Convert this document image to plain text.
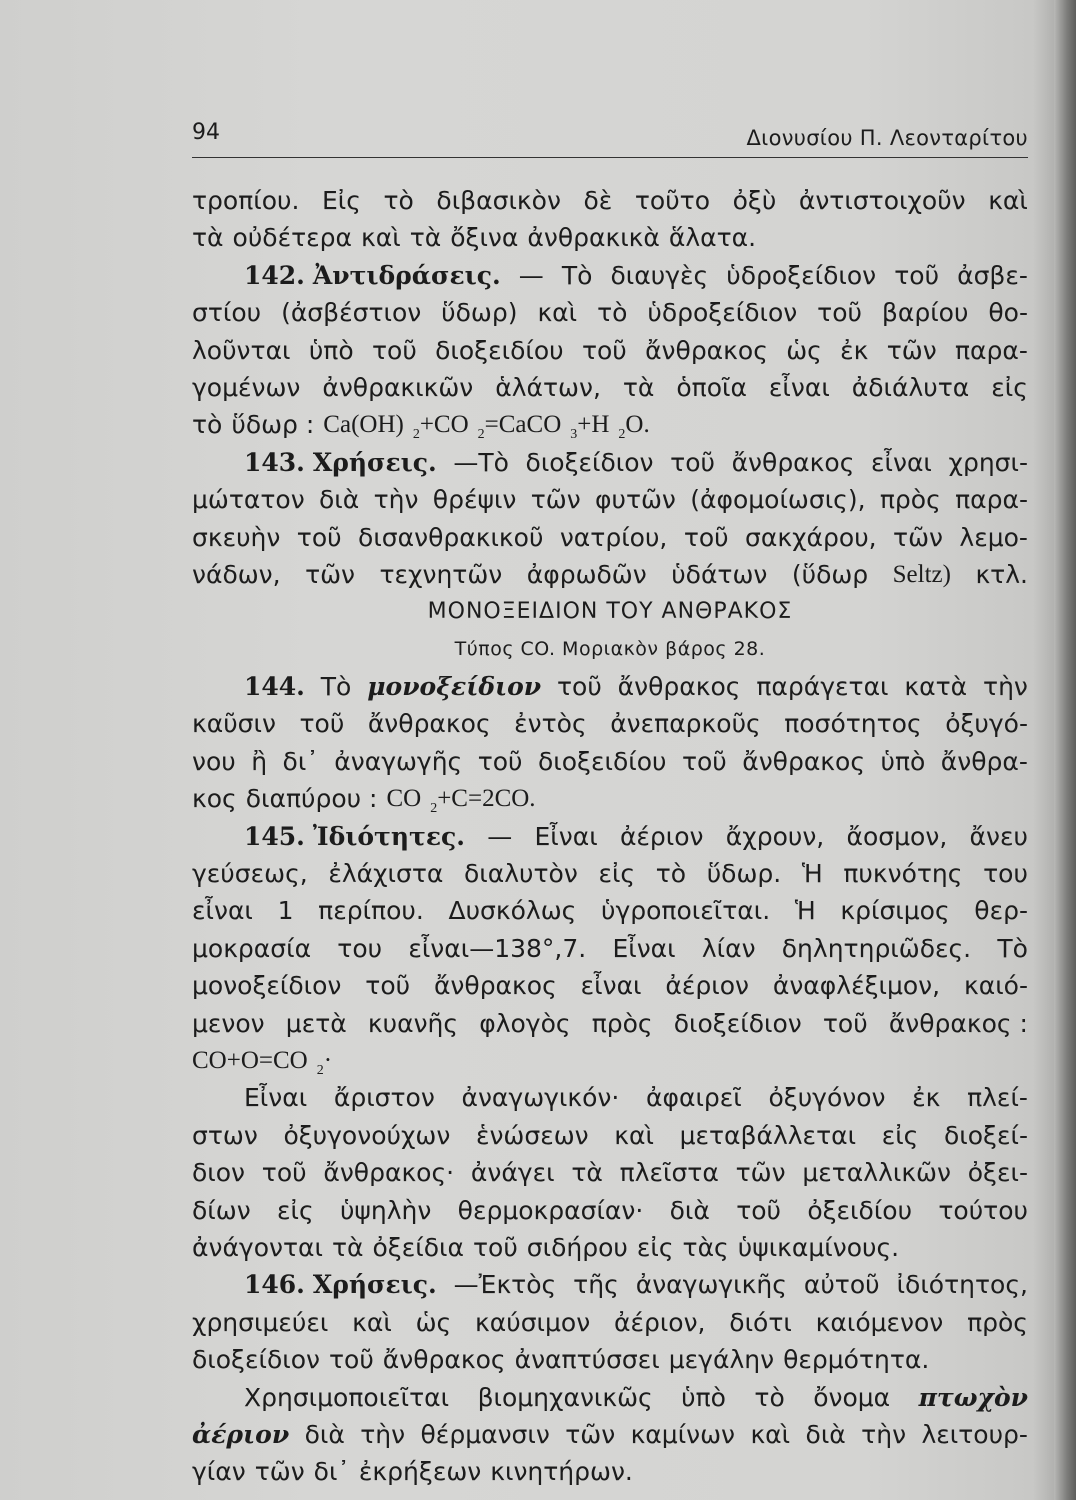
94	Διονυσίου Π. Λεονταρίτου
τροπίου. Εἰς τὸ διβασικὸν δὲ τοῦτο ὀξὺ ἀντιστοιχοῦν καὶ
τὰ οὐδέτερα καὶ τὰ ὄξινα ἀνθρακικὰ ἅλατα.
142. Ἀντιδράσεις. — Τὸ διαυγὲς ὑδροξείδιον τοῦ ἀσβε-
στίου (ἀσβέστιον ὕδωρ) καὶ τὸ ὑδροξείδιον τοῦ βαρίου θο-
λοῦνται ὑπὸ τοῦ διοξειδίου τοῦ ἄνθρακος ὡς ἐκ τῶν παρα-
γομένων ἀνθρακικῶν ἁλάτων, τὰ ὁποῖα εἶναι ἀδιάλυτα εἰς
τὸ ὕδωρ : Ca(OH) $_2$+CO $_2$=CaCO $_3$+H $_2$O.
143. Χρήσεις. —Τὸ διοξείδιον τοῦ ἄνθρακος εἶναι χρησι-
μώτατον διὰ τὴν θρέψιν τῶν φυτῶν (ἀφομοίωσις), πρὸς παρα-
σκευὴν τοῦ δισανθρακικοῦ νατρίου, τοῦ σακχάρου, τῶν λεμο-
νάδων, τῶν τεχνητῶν ἀφρωδῶν ὑδάτων (ὕδωρ Seltz) κτλ.
ΜΟΝΟΞΕΙΔΙΟΝ ΤΟΥ ΑΝΘΡΑΚΟΣ
Τύπος CO. Μοριακὸν βάρος 28.
144. Τὸ μονοξείδιον τοῦ ἄνθρακος παράγεται κατὰ τὴν
καῦσιν τοῦ ἄνθρακος ἐντὸς ἀνεπαρκοῦς ποσότητος ὀξυγό-
νου ἢ δι᾿ ἀναγωγῆς τοῦ διοξειδίου τοῦ ἄνθρακος ὑπὸ ἄνθρα-
κος διαπύρου : CO $_2$+C=2CO.
145. Ἰδιότητες. — Εἶναι ἀέριον ἄχρουν, ἄοσμον, ἄνευ
γεύσεως, ἐλάχιστα διαλυτὸν εἰς τὸ ὕδωρ. Ἡ πυκνότης του
εἶναι 1 περίπου. Δυσκόλως ὑγροποιεῖται. Ἡ κρίσιμος θερ-
μοκρασία του εἶναι—138°,7. Εἶναι λίαν δηλητηριῶδες. Τὸ
μονοξείδιον τοῦ ἄνθρακος εἶναι ἀέριον ἀναφλέξιμον, καιό-
μενον μετὰ κυανῆς φλογὸς πρὸς διοξείδιον τοῦ ἄνθρακος :
CO+O=CO $_2$·
Εἶναι ἄριστον ἀναγωγικόν· ἀφαιρεῖ ὀξυγόνον ἐκ πλεί-
στων ὀξυγονούχων ἑνώσεων καὶ μεταβάλλεται εἰς διοξεί-
διον τοῦ ἄνθρακος· ἀνάγει τὰ πλεῖστα τῶν μεταλλικῶν ὀξει-
δίων εἰς ὑψηλὴν θερμοκρασίαν· διὰ τοῦ ὀξειδίου τούτου
ἀνάγονται τὰ ὀξείδια τοῦ σιδήρου εἰς τὰς ὑψικαμίνους.
146. Χρήσεις. —Ἐκτὸς τῆς ἀναγωγικῆς αὐτοῦ ἰδιότητος,
χρησιμεύει καὶ ὡς καύσιμον ἀέριον, διότι καιόμενον πρὸς
διοξείδιον τοῦ ἄνθρακος ἀναπτύσσει μεγάλην θερμότητα.
Χρησιμοποιεῖται βιομηχανικῶς ὑπὸ τὸ ὄνομα πτωχὸν
ἀέριον διὰ τὴν θέρμανσιν τῶν καμίνων καὶ διὰ τὴν λειτουρ-
γίαν τῶν δι᾿ ἐκρήξεων κινητήρων.
